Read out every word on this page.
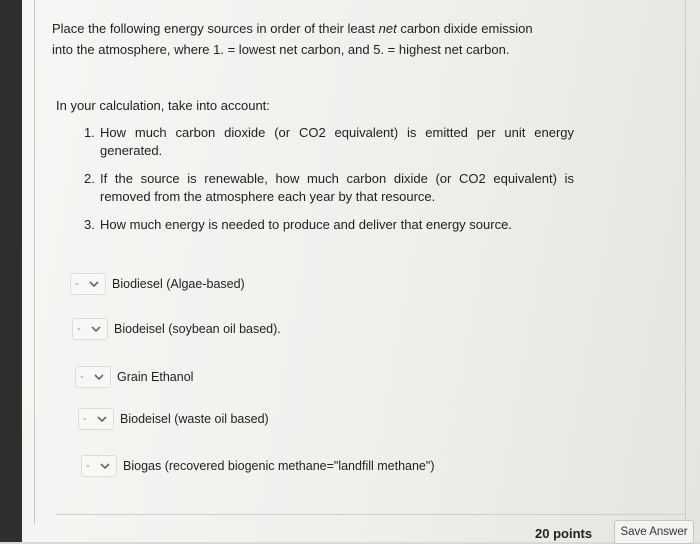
Place the following energy sources in order of their least net carbon dixide emission into the atmosphere, where 1. = lowest net carbon, and 5. = highest net carbon.
In your calculation, take into account:
1. How much carbon dioxide (or CO2 equivalent) is emitted per unit energy generated.
2. If the source is renewable, how much carbon dixide (or CO2 equivalent) is removed from the atmosphere each year by that resource.
3. How much energy is needed to produce and deliver that energy source.
-	Biodiesel (Algae-based)
-	Biodeisel (soybean oil based).
-	Grain Ethanol
-	Biodeisel (waste oil based)
-	Biogas (recovered biogenic methane="landfill methane")
20 points	Save Answer
